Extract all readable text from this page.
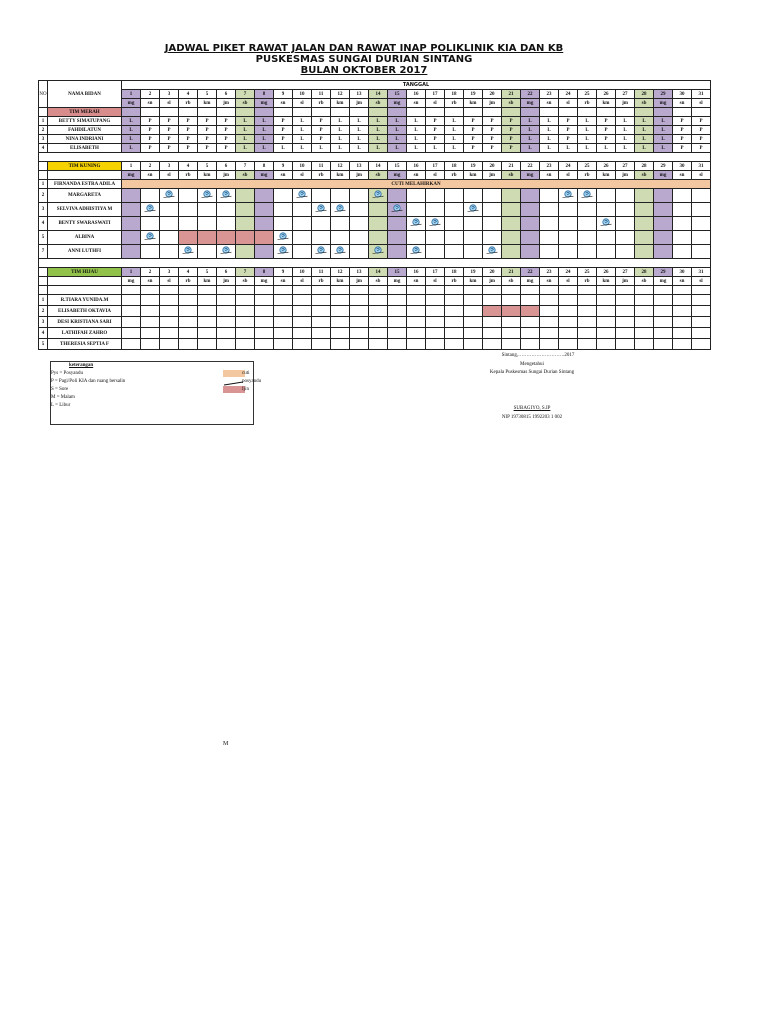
JADWAL PIKET RAWAT JALAN DAN RAWAT INAP POLIKLINIK KIA DAN KB
PUSKESMAS SUNGAI DURIAN SINTANG
BULAN OKTOBER 2017
NO	NAMA BIDAN	TANGGAL																														
		1	2	3	4	5	6	7	8	9	10	11	12	13	14	15	16	17	18	19	20	21	22	23	24	25	26	27	28	29	30	31
		mg	sn	sl	rb	km	jm	sb	mg	sn	sl	rb	km	jm	sb	mg	sn	sl	rb	km	jm	sb	mg	sn	sl	rb	km	jm	sb	mg	sn	sl
	TIM MERAH																															
1	BETTY SIMATUPANG	L	P	P	P	P	P	L	L	P	L	P	L	L	L	L	L	P	L	P	P	P	L	L	P	L	P	L	L	L	P	P
2	FAHDILATUN	L	P	P	P	P	P	L	L	P	L	P	L	L	L	L	L	P	L	P	P	P	L	L	P	L	P	L	L	L	P	P
3	NINA INDRIANI	L	P	P	P	P	P	L	L	P	L	P	L	L	L	L	L	P	L	P	P	P	L	L	P	L	P	L	L	L	P	P
4	ELISABETH	L	P	P	P	P	P	L	L	L	L	L	L	L	L	L	L	L	L	P	P	P	L	L	L	L	L	L	L	L	P	P

	TIM KUNING	1	2	3	4	5	6	7	8	9	10	11	12	13	14	15	16	17	18	19	20	21	22	23	24	25	26	27	28	29	30	31
		mg	sn	sl	rb	km	jm	sb	mg	sn	sl	rb	km	jm	sb	mg	sn	sl	rb	km	jm	sb	mg	sn	sl	rb	km	jm	sb	mg	sn	sl
1	FIRNANDA ESTRA ADILA	CUTI MELAHIRKAN																														
2	MARGARETA																															
3	SELVIVA ADHISTIYA M																															
4	BENTY SWARASWATI																															
5	ALBINA																															
7	ANNI LUTHFI																															

	TIM HIJAU	1	2	3	4	5	6	7	8	9	10	11	12	13	14	15	16	17	18	19	20	21	22	23	24	25	26	27	28	29	30	31
		mg	sn	sl	rb	km	jm	sb	mg	sn	sl	rb	km	jm	sb	mg	sn	sl	rb	km	jm	sb	mg	sn	sl	rb	km	jm	sb	mg	sn	sl

1	R.TIARA YUNIDA.M																															
2	ELISABETH OKTAVIA																															
3	DESI KRISTIANA SARI																															
4	LATHIFAH ZAHRO																															
5	THERESIA SEPTIA F																															
keterangan
Pys = Posyandu
P = Pagi/Poli KIA dan ruang bersalin
S = Sore
M = Malam
L = Libur
cuti
posyandu
Ijin
Sintang,……………………….2017
Mengetahui
Kepala Puskesmas Sungai Durian Sintang
SUBAGIYO, S.IP
NIP 19730815 1992203 1 002
M
